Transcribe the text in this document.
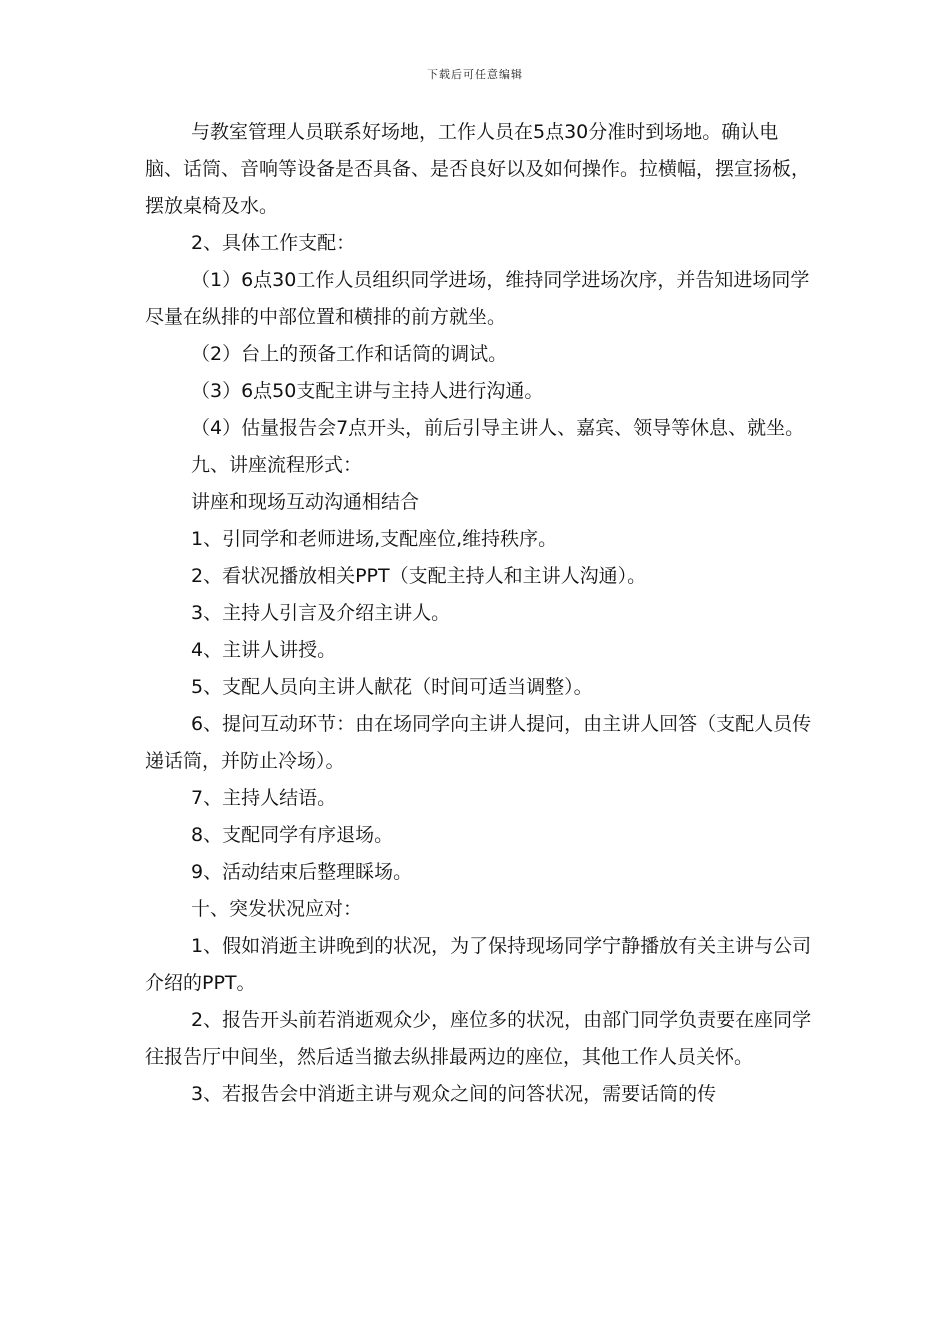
下载后可任意编辑

与教室管理人员联系好场地，工作人员在5点30分准时到场地。确认电脑、话筒、音响等设备是否具备、是否良好以及如何操作。拉横幅，摆宣扬板，摆放桌椅及水。

2、具体工作支配：

（1）6点30工作人员组织同学进场，维持同学进场次序，并告知进场同学尽量在纵排的中部位置和横排的前方就坐。

（2）台上的预备工作和话筒的调试。

（3）6点50支配主讲与主持人进行沟通。

（4）估量报告会7点开头，前后引导主讲人、嘉宾、领导等休息、就坐。

九、讲座流程形式：

讲座和现场互动沟通相结合

1、引同学和老师进场,支配座位,维持秩序。

2、看状况播放相关PPT（支配主持人和主讲人沟通）。

3、主持人引言及介绍主讲人。

4、主讲人讲授。

5、支配人员向主讲人献花（时间可适当调整）。

6、提问互动环节：由在场同学向主讲人提问，由主讲人回答（支配人员传递话筒，并防止冷场）。

7、主持人结语。

8、支配同学有序退场。

9、活动结束后整理睬场。

十、突发状况应对：

1、假如消逝主讲晚到的状况，为了保持现场同学宁静播放有关主讲与公司介绍的PPT。

2、报告开头前若消逝观众少，座位多的状况，由部门同学负责要在座同学往报告厅中间坐，然后适当撤去纵排最两边的座位，其他工作人员关怀。

3、若报告会中消逝主讲与观众之间的问答状况，需要话筒的传
